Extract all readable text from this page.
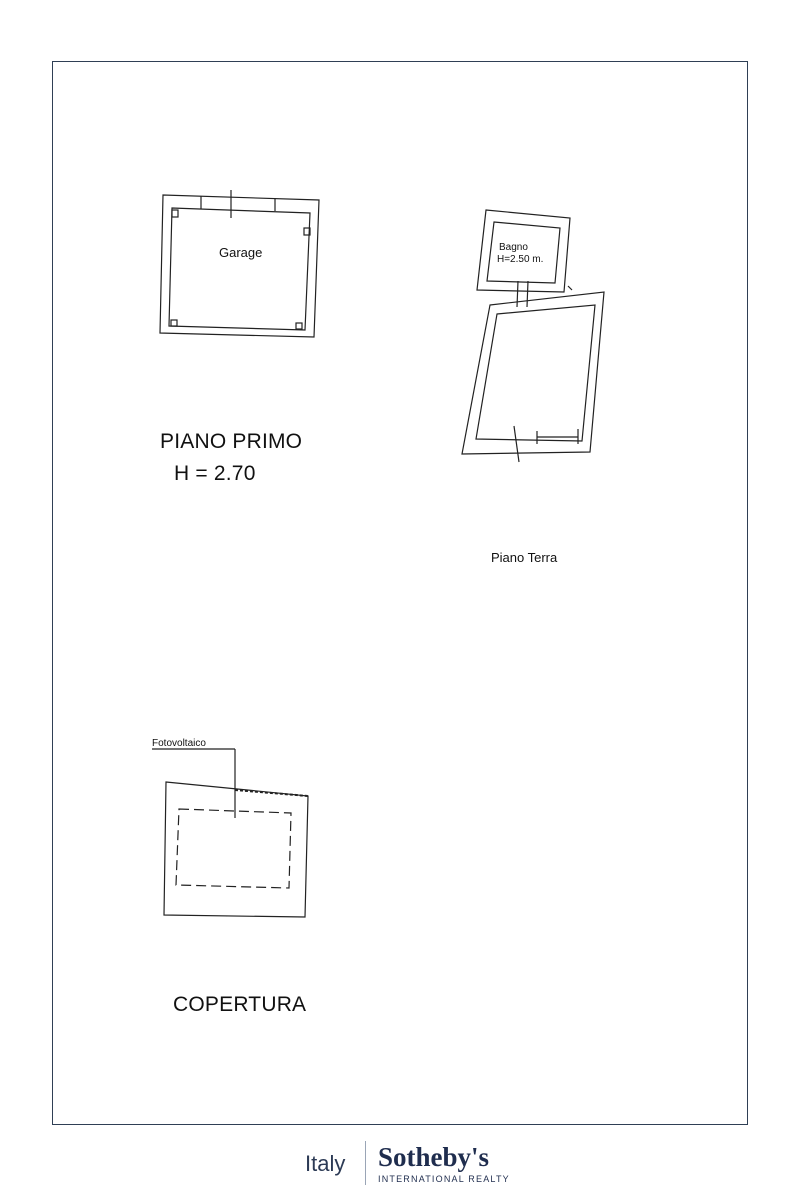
Garage
PIANO PRIMO
H = 2.70
Bagno
H=2.50 m.
Piano Terra
Fotovoltaico
COPERTURA
Italy Sotheby's
INTERNATIONAL REALTY
